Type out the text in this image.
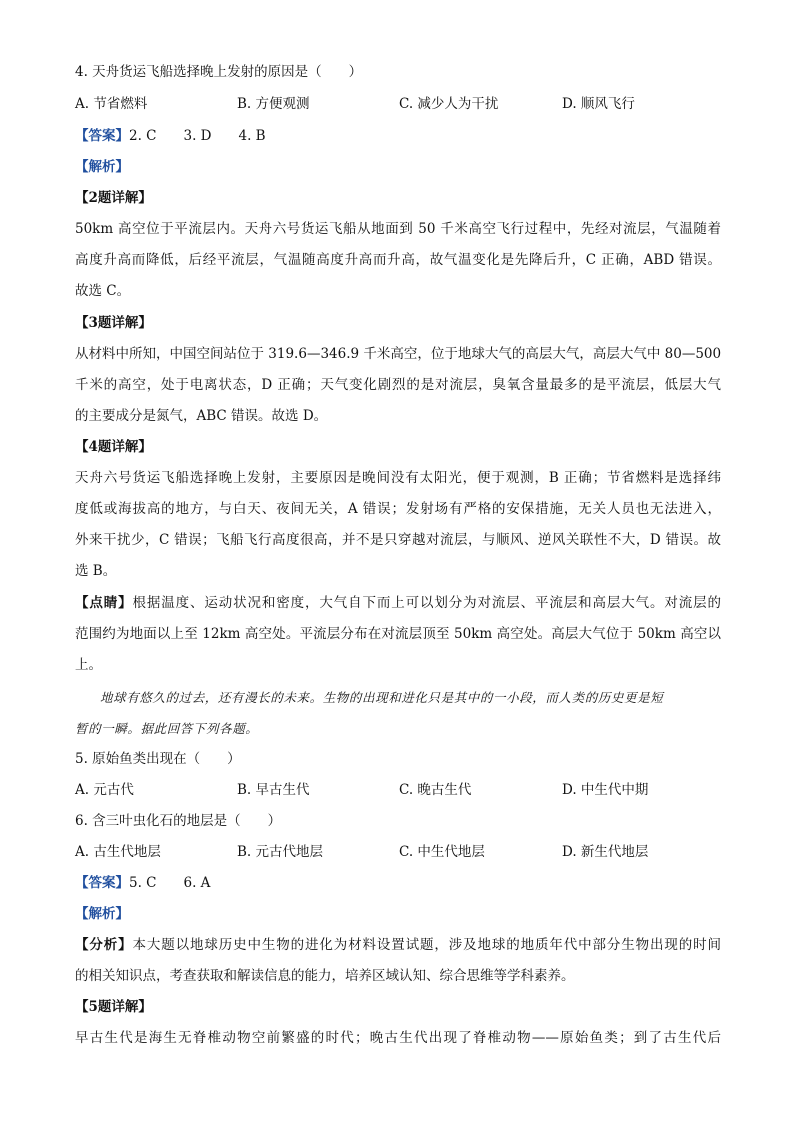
4. 天舟货运飞船选择晚上发射的原因是（　　）
A. 节省燃料	B. 方便观测	C. 减少人为干扰	D. 顺风飞行
【答案】2. C　　3. D　　4. B
【解析】
【2题详解】
50km 高空位于平流层内。天舟六号货运飞船从地面到 50 千米高空飞行过程中，先经对流层，气温随着
高度升高而降低，后经平流层，气温随高度升高而升高，故气温变化是先降后升，C 正确，ABD 错误。
故选 C。
【3题详解】
从材料中所知，中国空间站位于 319.6—346.9 千米高空，位于地球大气的高层大气，高层大气中 80—500
千米的高空，处于电离状态，D 正确；天气变化剧烈的是对流层，臭氧含量最多的是平流层，低层大气
的主要成分是氮气，ABC 错误。故选 D。
【4题详解】
天舟六号货运飞船选择晚上发射，主要原因是晚间没有太阳光，便于观测，B 正确；节省燃料是选择纬
度低或海拔高的地方，与白天、夜间无关，A 错误；发射场有严格的安保措施，无关人员也无法进入，
外来干扰少，C 错误；飞船飞行高度很高，并不是只穿越对流层，与顺风、逆风关联性不大，D 错误。故
选 B。
【点睛】根据温度、运动状况和密度，大气自下而上可以划分为对流层、平流层和高层大气。对流层的
范围约为地面以上至 12km 高空处。平流层分布在对流层顶至 50km 高空处。高层大气位于 50km 高空以
上。
地球有悠久的过去，还有漫长的未来。生物的出现和进化只是其中的一小段，而人类的历史更是短
暂的一瞬。据此回答下列各题。
5. 原始鱼类出现在（　　）
A. 元古代	B. 早古生代	C. 晚古生代	D. 中生代中期
6. 含三叶虫化石的地层是（　　）
A. 古生代地层	B. 元古代地层	C. 中生代地层	D. 新生代地层
【答案】5. C　　6. A
【解析】
【分析】本大题以地球历史中生物的进化为材料设置试题，涉及地球的地质年代中部分生物出现的时间
的相关知识点，考查获取和解读信息的能力，培养区域认知、综合思维等学科素养。
【5题详解】
早古生代是海生无脊椎动物空前繁盛的时代；晚古生代出现了脊椎动物——原始鱼类；到了古生代后
